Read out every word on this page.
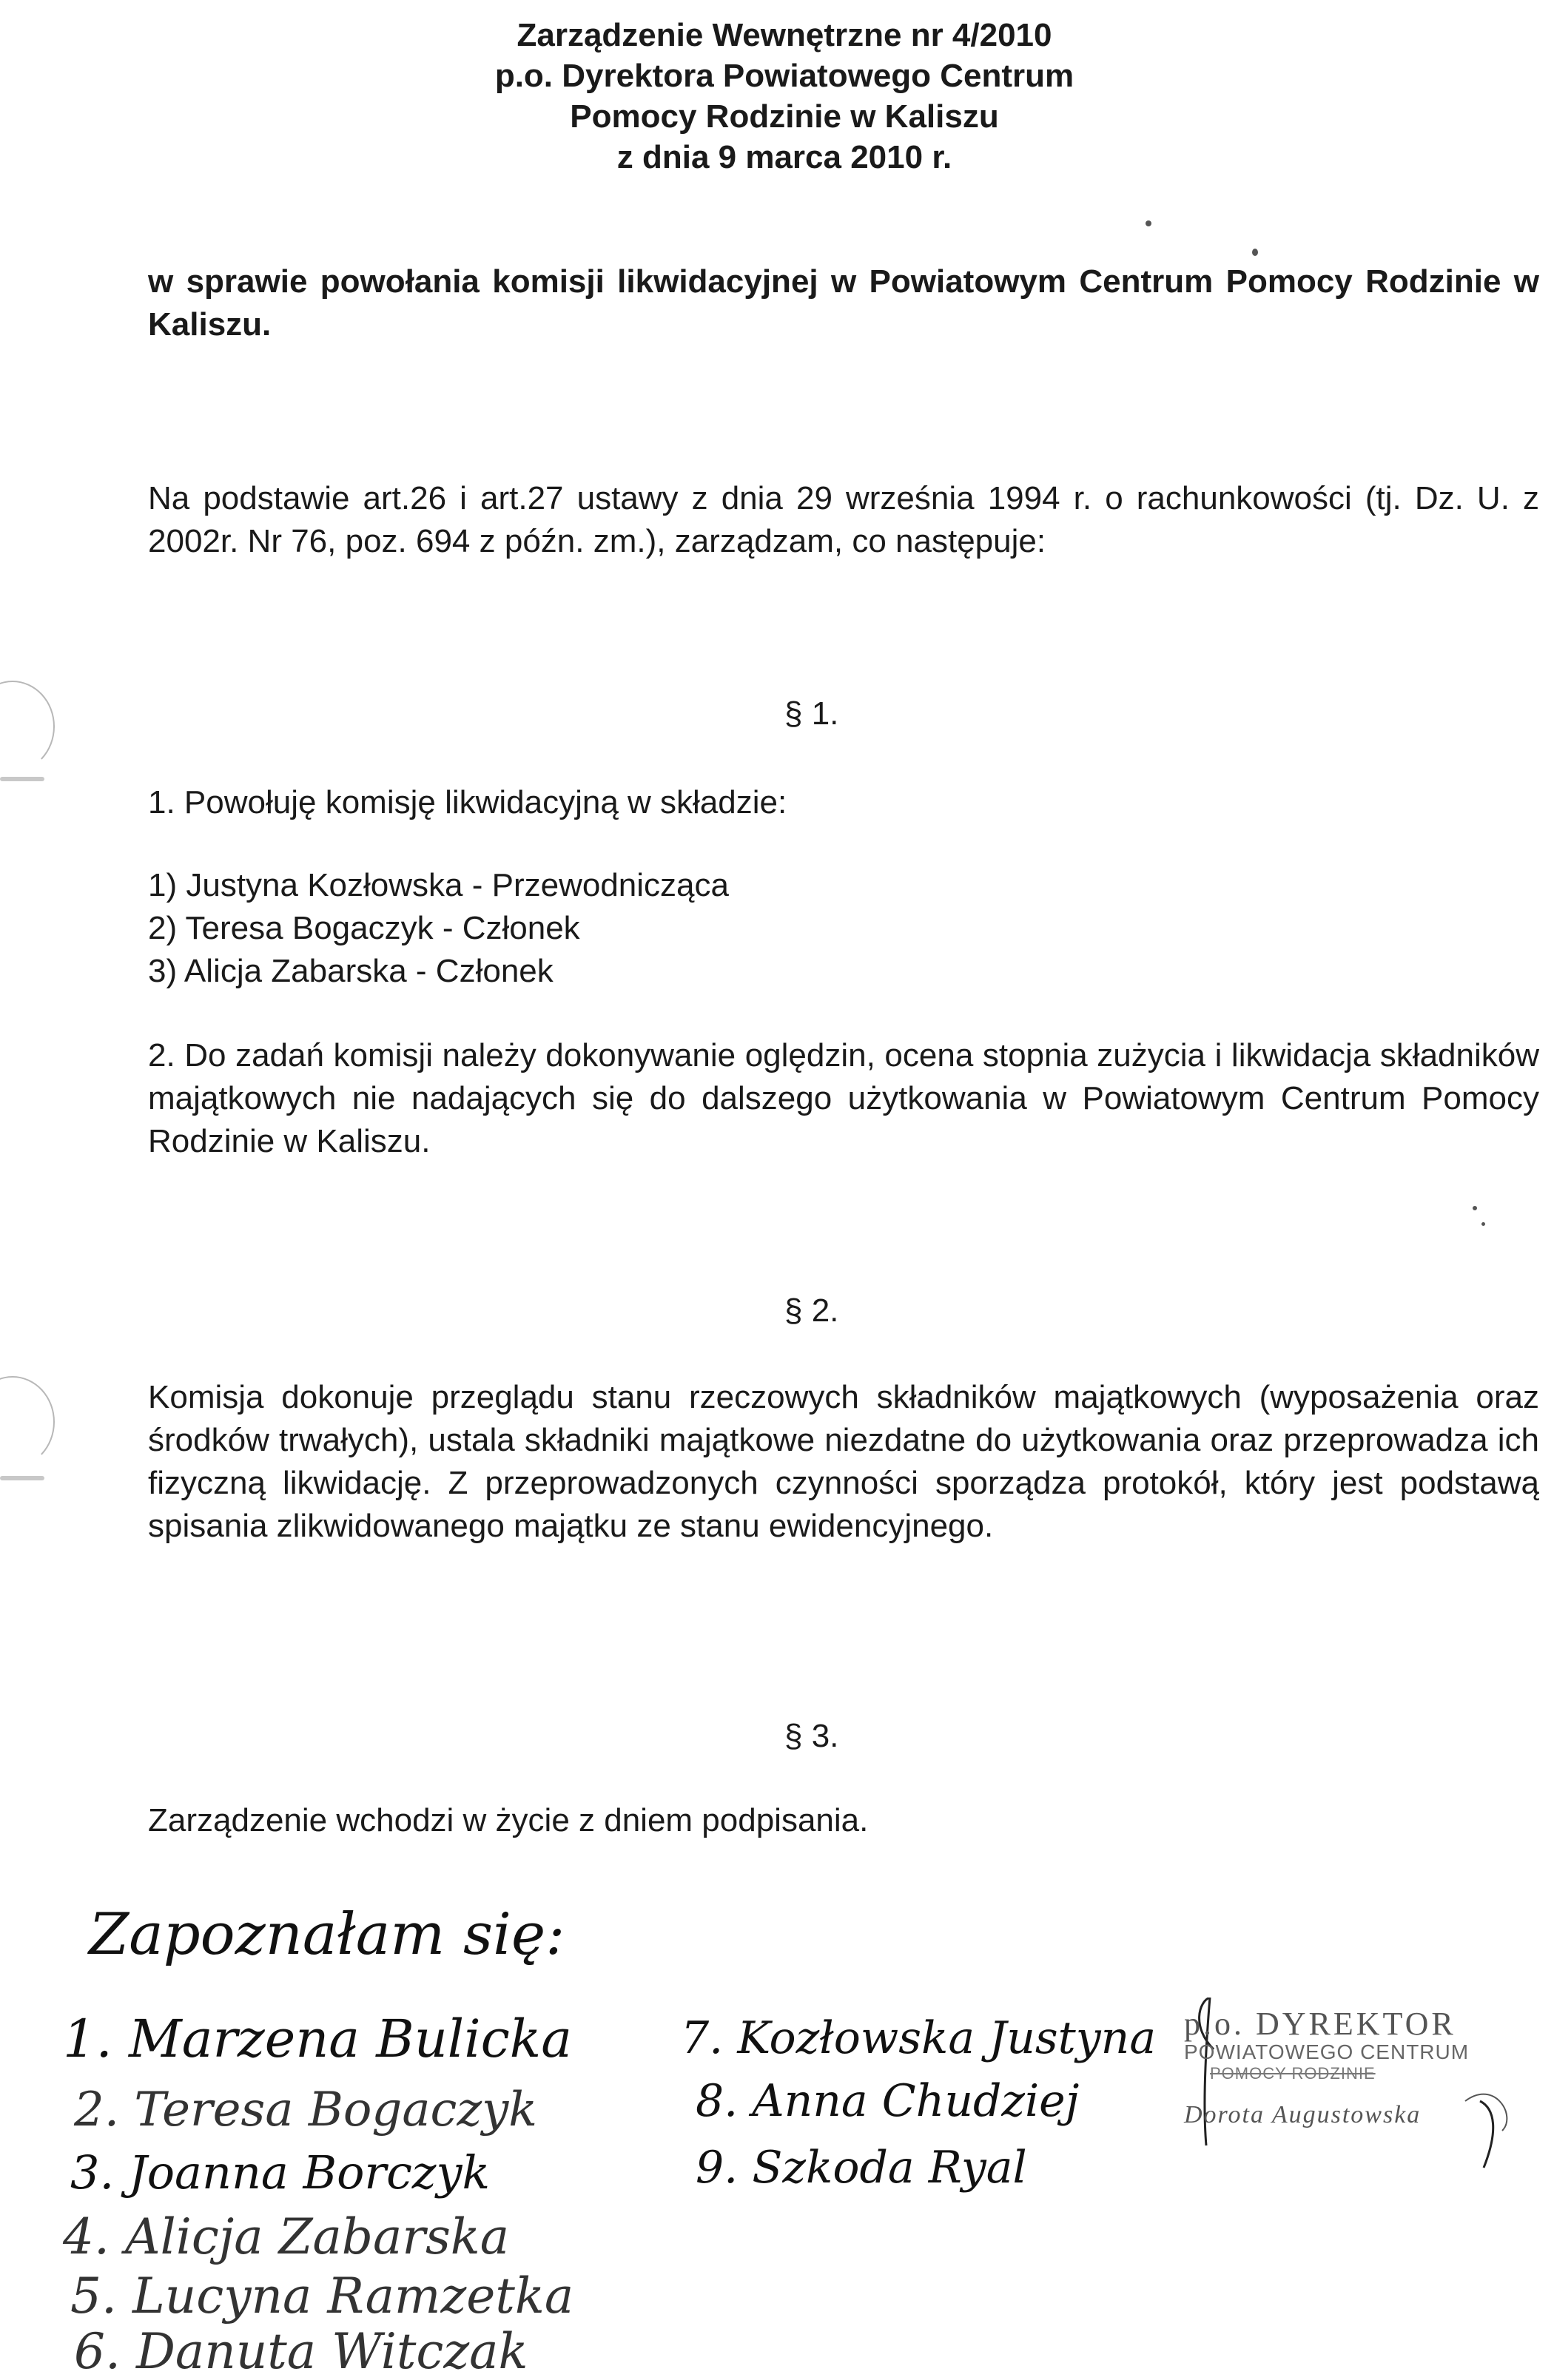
Zarządzenie Wewnętrzne nr 4/2010
p.o. Dyrektora Powiatowego Centrum
Pomocy Rodzinie w Kaliszu
z dnia 9 marca 2010 r.
w sprawie powołania komisji likwidacyjnej w Powiatowym Centrum Pomocy Rodzinie w Kaliszu.
Na podstawie art.26 i art.27 ustawy z dnia 29 września 1994 r. o rachunkowości (tj. Dz. U. z 2002r. Nr 76, poz. 694 z późn. zm.), zarządzam, co następuje:
§ 1.
1. Powołuję komisję likwidacyjną w składzie:
1) Justyna Kozłowska - Przewodnicząca
2) Teresa Bogaczyk - Członek
3) Alicja Zabarska - Członek
2. Do zadań komisji należy dokonywanie oględzin, ocena stopnia zużycia i likwidacja składników majątkowych nie nadających się do dalszego użytkowania w Powiatowym Centrum Pomocy Rodzinie w Kaliszu.
§ 2.
Komisja dokonuje przeglądu stanu rzeczowych składników majątkowych (wyposażenia oraz środków trwałych), ustala składniki majątkowe niezdatne do użytkowania oraz przeprowadza ich fizyczną likwidację. Z przeprowadzonych czynności sporządza protokół, który jest podstawą spisania zlikwidowanego majątku ze stanu ewidencyjnego.
§ 3.
Zarządzenie wchodzi w życie z dniem podpisania.
Zapoznałam się:
1. Marzena Bulicka
2. Teresa Bogaczyk
3. Joanna Borczyk
4. Alicja Zabarska
5. Lucyna Ramzetka
6. Danuta Witczak
7. Kozłowska Justyna
8. Anna Chudziej
9. Szkoda Ryal
p.o. DYREKTOR
POWIATOWEGO CENTRUM
POMOCY RODZINIE
Dorota Augustowska
